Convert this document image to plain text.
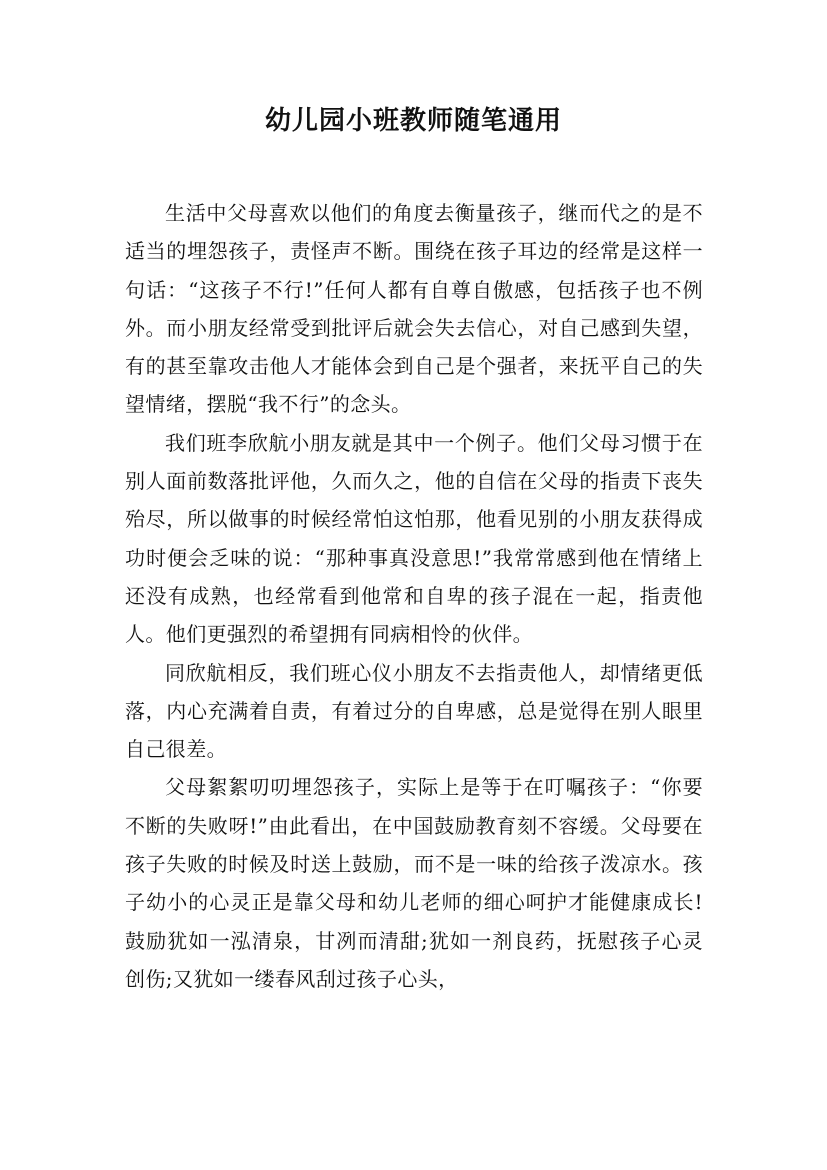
幼儿园小班教师随笔通用

生活中父母喜欢以他们的角度去衡量孩子，继而代之的是不适当的埋怨孩子，责怪声不断。围绕在孩子耳边的经常是这样一句话：“这孩子不行!”任何人都有自尊自傲感，包括孩子也不例外。而小朋友经常受到批评后就会失去信心，对自己感到失望，有的甚至靠攻击他人才能体会到自己是个强者，来抚平自己的失望情绪，摆脱“我不行”的念头。

我们班李欣航小朋友就是其中一个例子。他们父母习惯于在别人面前数落批评他，久而久之，他的自信在父母的指责下丧失殆尽，所以做事的时候经常怕这怕那，他看见别的小朋友获得成功时便会乏味的说：“那种事真没意思!”我常常感到他在情绪上还没有成熟，也经常看到他常和自卑的孩子混在一起，指责他人。他们更强烈的希望拥有同病相怜的伙伴。

同欣航相反，我们班心仪小朋友不去指责他人，却情绪更低落，内心充满着自责，有着过分的自卑感，总是觉得在别人眼里自己很差。

父母絮絮叨叨埋怨孩子，实际上是等于在叮嘱孩子：“你要不断的失败呀!”由此看出，在中国鼓励教育刻不容缓。父母要在孩子失败的时候及时送上鼓励，而不是一味的给孩子泼凉水。孩子幼小的心灵正是靠父母和幼儿老师的细心呵护才能健康成长!鼓励犹如一泓清泉，甘冽而清甜;犹如一剂良药，抚慰孩子心灵创伤;又犹如一缕春风刮过孩子心头，
